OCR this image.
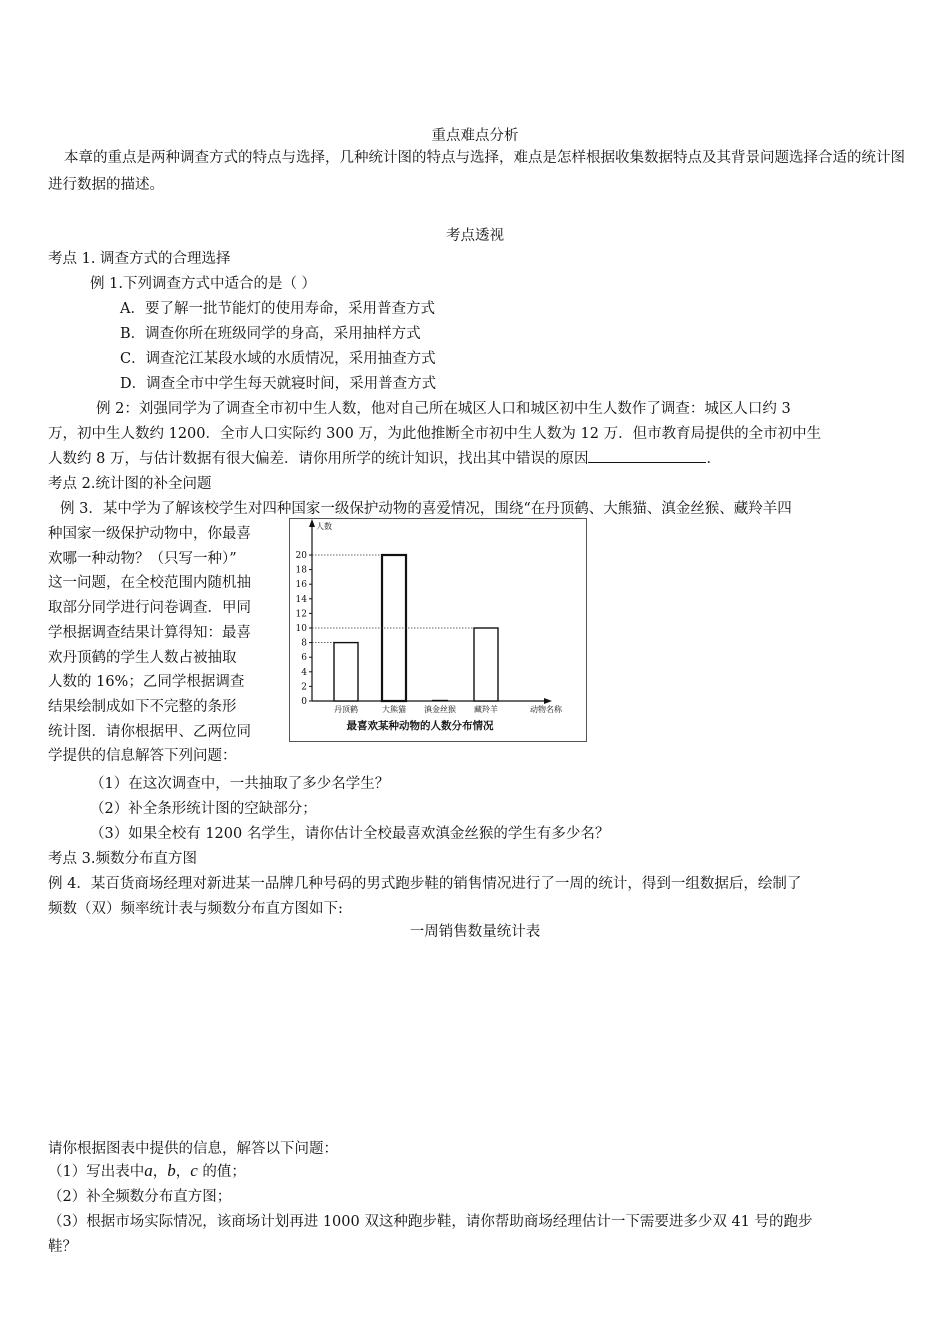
重点难点分析
本章的重点是两种调查方式的特点与选择，几种统计图的特点与选择，难点是怎样根据收集数据特点及其背景问题选择合适的统计图进行数据的描述。
考点透视
考点 1. 调查方式的合理选择
例 1.下列调查方式中适合的是（ ）
A．要了解一批节能灯的使用寿命，采用普查方式
B．调查你所在班级同学的身高，采用抽样方式
C．调查沱江某段水域的水质情况，采用抽查方式
D．调查全市中学生每天就寝时间，采用普查方式
例 2：刘强同学为了调查全市初中生人数，他对自己所在城区人口和城区初中生人数作了调查：城区人口约 3
万，初中生人数约 1200．全市人口实际约 300 万，为此他推断全市初中生人数为 12 万．但市教育局提供的全市初中生
人数约 8 万，与估计数据有很大偏差．请你用所学的统计知识，找出其中错误的原因	．
考点 2.统计图的补全问题
例 3．某中学为了解该校学生对四种国家一级保护动物的喜爱情况，围绕“在丹顶鹤、大熊猫、滇金丝猴、藏羚羊四
种国家一级保护动物中，你最喜
欢哪一种动物？（只写一种）”
这一问题，在全校范围内随机抽
取部分同学进行问卷调查．甲同
学根据调查结果计算得知：最喜
欢丹顶鹤的学生人数占被抽取
人数的 16%；乙同学根据调查
结果绘制成如下不完整的条形
统计图．请你根据甲、乙两位同
学提供的信息解答下列问题：
人数
动物名称
0
2
4
6
8
10
12
14
16
18
20
丹顶鹤	大熊猫 滇金丝猴 藏羚羊
最喜欢某种动物的人数分布情况
（1）在这次调查中，一共抽取了多少名学生？
（2）补全条形统计图的空缺部分；
（3）如果全校有 1200 名学生，请你估计全校最喜欢滇金丝猴的学生有多少名？
考点 3.频数分布直方图
例 4．某百货商场经理对新进某一品牌几种号码的男式跑步鞋的销售情况进行了一周的统计，得到一组数据后，绘制了
频数（双）频率统计表与频数分布直方图如下:
一周销售数量统计表
请你根据图表中提供的信息，解答以下问题：
（1）写出表中a，b，c 的值；
（2）补全频数分布直方图；
（3）根据市场实际情况，该商场计划再进 1000 双这种跑步鞋，请你帮助商场经理估计一下需要进多少双 41 号的跑步
鞋？
